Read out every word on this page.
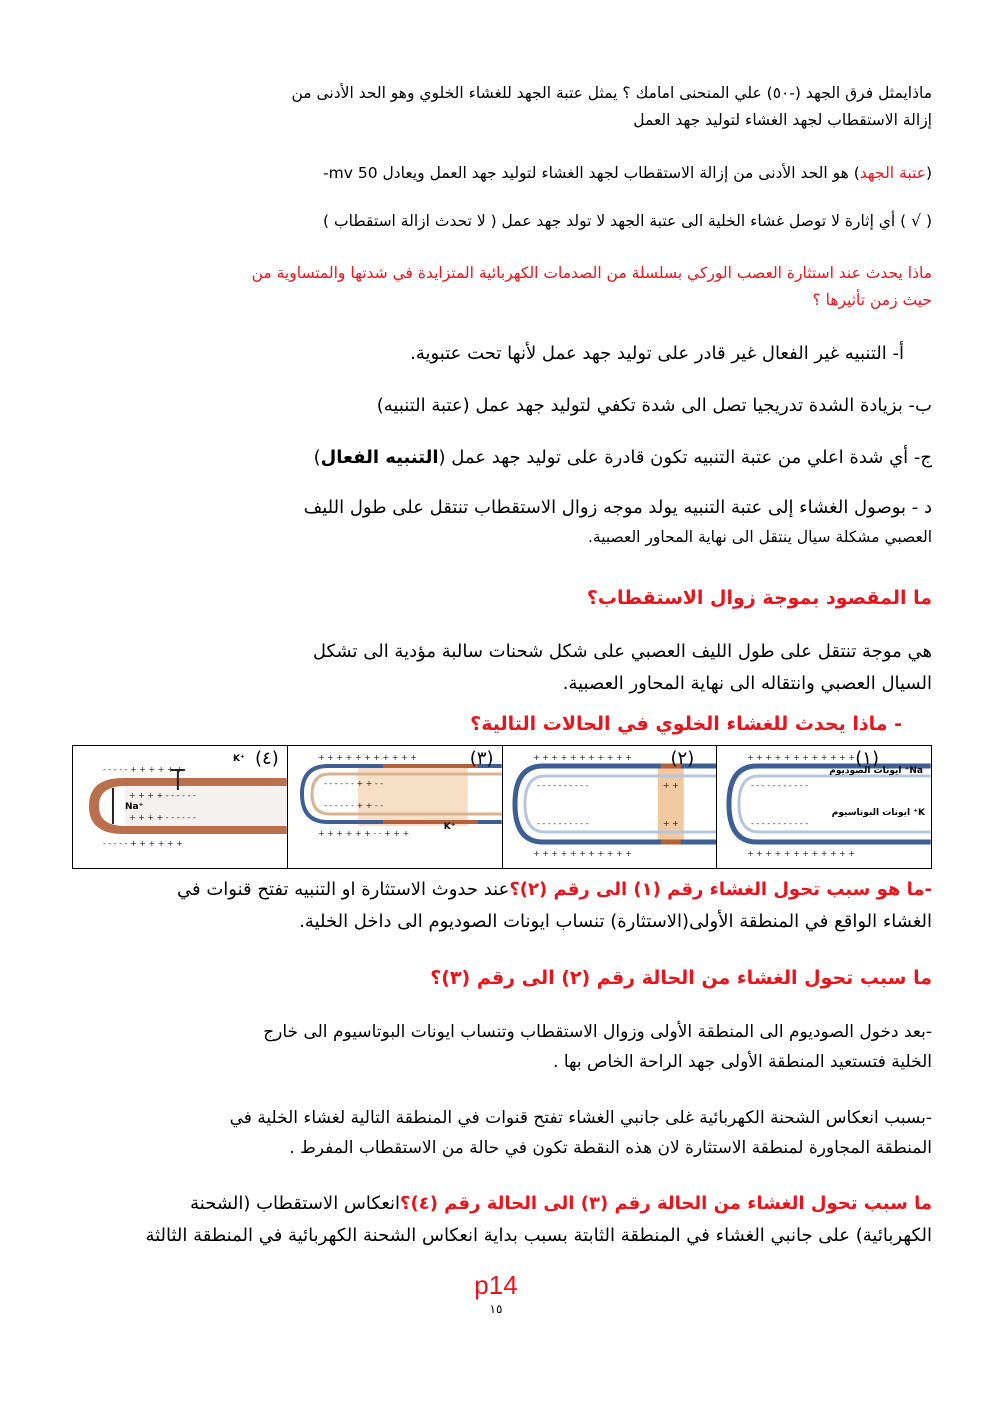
ماذايمثل فرق الجهد (-٥٠) علي المنحنى امامك ؟ يمثل عتبة الجهد للغشاء الخلوي وهو الحد الأدنى من
إزالة الاستقطاب لجهد الغشاء لتوليد جهد العمل
(عتبة الجهد) هو الحد الأدنى من إزالة الاستقطاب لجهد الغشاء لتوليد جهد العمل ويعادل 50 mv-
( √ ) أي إثارة لا توصل غشاء الخلية الى عتبة الجهد لا تولد جهد عمل ( لا تحدث ازالة استقطاب )
ماذا يحدث عند استثارة العصب الوركي بسلسلة من الصدمات الكهربائية المتزايدة في شدتها والمتساوية من
حيث زمن تأثيرها ؟
أ- التنبيه غير الفعال غير قادر على توليد جهد عمل لأنها تحت عتبوية.
ب- بزيادة الشدة تدريجيا تصل الى شدة تكفي لتوليد جهد عمل (عتبة التنبيه)
ج- أي شدة اعلي من عتبة التنبيه تكون قادرة على توليد جهد عمل (التنبيه الفعال)
د - بوصول الغشاء إلى عتبة التنبيه يولد موجه زوال الاستقطاب تنتقل على طول الليف
العصبي مشكلة سيال ينتقل الى نهاية المحاور العصبية.
ما المقصود بموجة زوال الاستقطاب؟
هي موجة تنتقل على طول الليف العصبي على شكل شحنات سالبة مؤدية الى تشكل
السيال العصبي وانتقاله الى نهاية المحاور العصبية.
- ماذا يحدث للغشاء الخلوي في الحالات التالية؟
+ + + + + + + + + + + +
- - - - - - - - - - -
- - - - - - - - - - -
+ + + + + + + + + + + +
(١)
Na⁺ ايونات الصوديوم
K⁺ ايونات البوتاسيوم
+ + + + + + + + + + +
- - - - - - - - - -
- - - - - - - - - -
+ + + + + + + + + + +
+ +
+ +
(٢)
+ + + + + + + + + + +
- - - - - - + + - -
- - - - - - + + - -
+ + + + + + - - + + +
(٣)
K⁺
- - - - - + + + + + +
+ + + + - - - - - -
+ + + + - - - - - -
- - - - - + + + + + +
(٤)
K⁺
Na⁺
-ما هو سبب تحول الغشاء رقم (١) الى رقم (٢)؟عند حدوث الاستثارة او التنبيه تفتح قنوات في
الغشاء الواقع في المنطقة الأولى(الاستثارة) تنساب ايونات الصوديوم الى داخل الخلية.
ما سبب تحول الغشاء من الحالة رقم (٢) الى رقم (٣)؟
-بعد دخول الصوديوم الى المنطقة الأولى وزوال الاستقطاب وتنساب ايونات البوتاسيوم الى خارج
الخلية فتستعيد المنطقة الأولى جهد الراحة الخاص بها .
-بسبب انعكاس الشحنة الكهربائية غلى جانبي الغشاء تفتح قنوات في المنطقة التالية لغشاء الخلية في
المنطقة المجاورة لمنطقة الاستثارة لان هذه النقطة تكون في حالة من الاستقطاب المفرط .
ما سبب تحول الغشاء من الحالة رقم (٣) الى الحالة رقم (٤)؟انعكاس الاستقطاب (الشحنة
الكهربائية) على جانبي الغشاء في المنطقة الثابتة بسبب بداية انعكاس الشحنة الكهربائية في المنطقة الثالثة
p14
١٥
